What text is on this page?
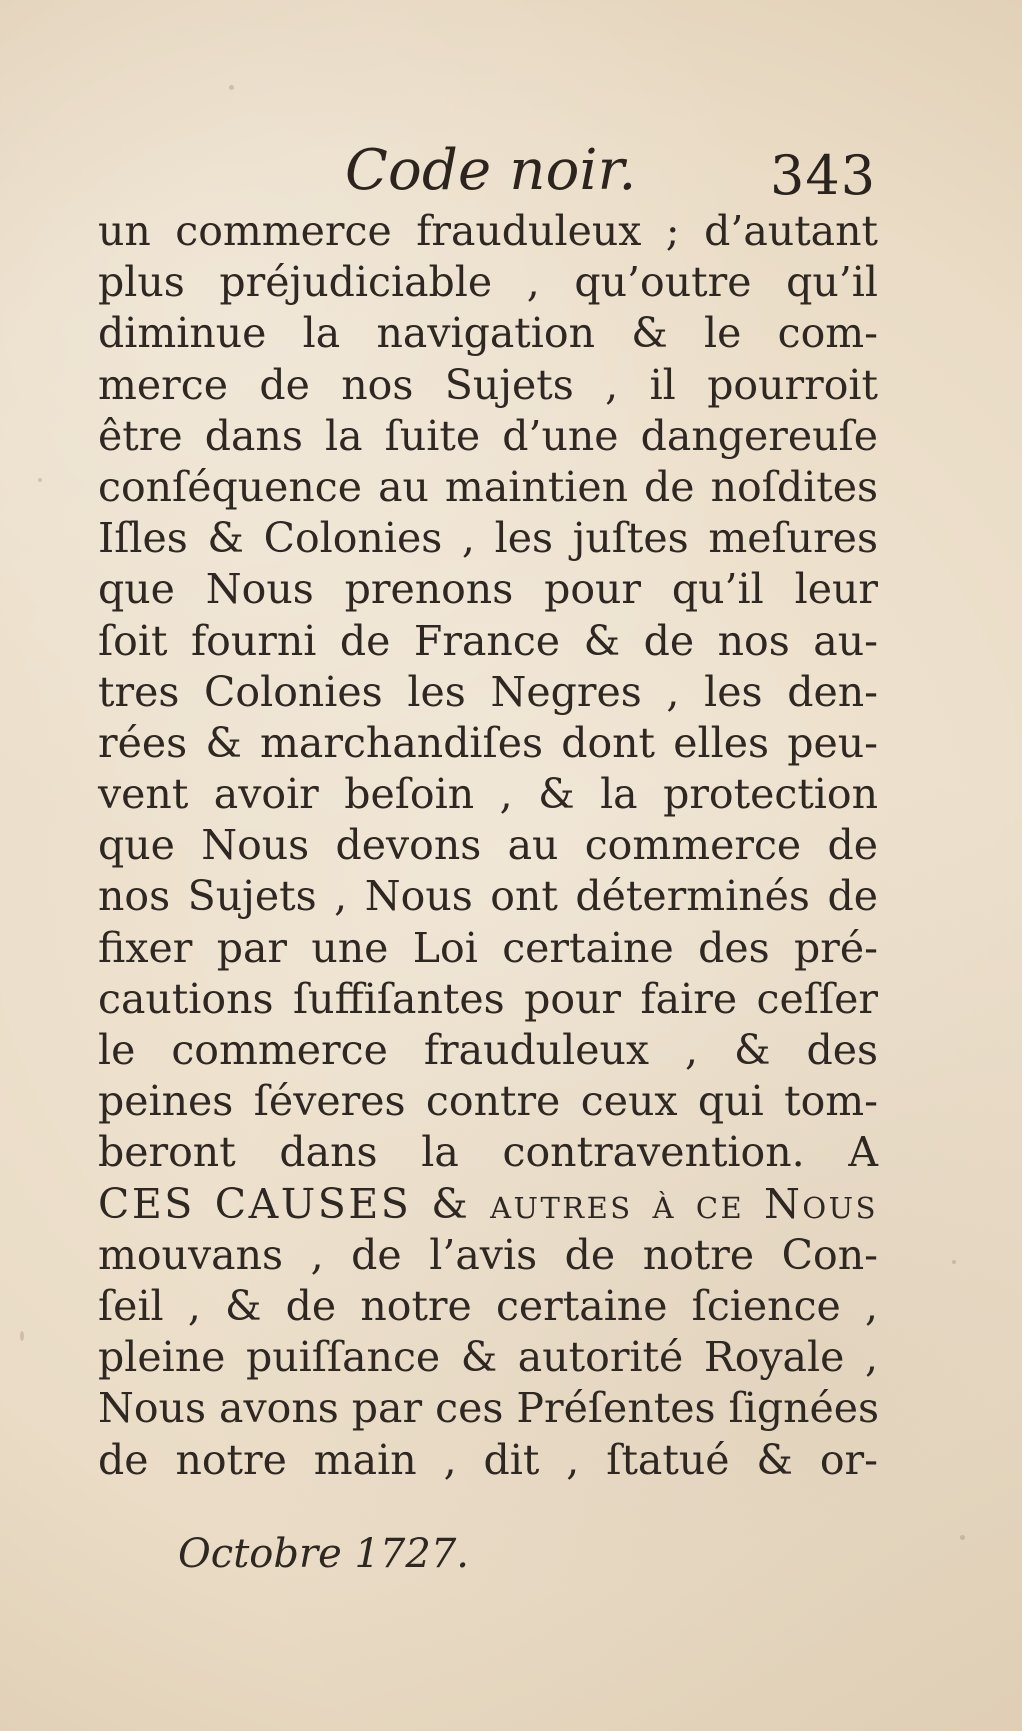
Code noir. 343
un commerce frauduleux ; d’autant
plus préjudiciable , qu’outre qu’il
diminue la navigation & le com-
merce de nos Sujets , il pourroit
être dans la ſuite d’une dangereuſe
conſéquence au maintien de noſdites
Iſles & Colonies , les juſtes meſures
que Nous prenons pour qu’il leur
ſoit fourni de France & de nos au-
tres Colonies les Negres , les den-
rées & marchandiſes dont elles peu-
vent avoir beſoin , & la protection
que Nous devons au commerce de
nos Sujets , Nous ont déterminés de
fixer par une Loi certaine des pré-
cautions ſuffiſantes pour faire ceſſer
le commerce frauduleux , & des
peines ſéveres contre ceux qui tom-
beront dans la contravention. A
CES CAUSES & autres à ce Nous
mouvans , de l’avis de notre Con-
ſeil , & de notre certaine ſcience ,
pleine puiſſance & autorité Royale ,
Nous avons par ces Préſentes ſignées
de notre main , dit , ſtatué & or-
Octobre 1727.
